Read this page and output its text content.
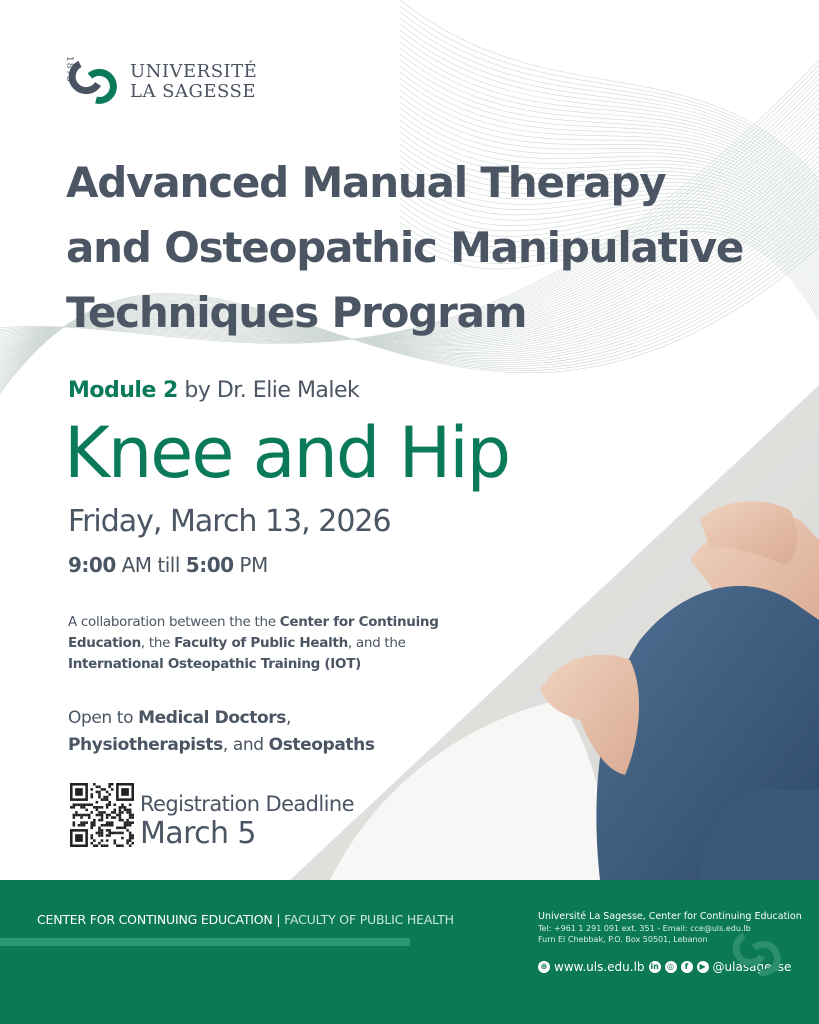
1875	UNIVERSITÉ
LA SAGESSE
Advanced Manual Therapy
and Osteopathic Manipulative
Techniques Program
Module 2 by Dr. Elie Malek
Knee and Hip
Friday, March 13, 2026
9:00 AM till 5:00 PM
A collaboration between the the Center for Continuing Education, the Faculty of Public Health, and the International Osteopathic Training (IOT)
Open to Medical Doctors,
Physiotherapists, and Osteopaths
Registration Deadline
March 5
CENTER FOR CONTINUING EDUCATION | FACULTY OF PUBLIC HEALTH	Université La Sagesse, Center for Continuing Education
Tel: +961 1 291 091 ext. 351 - Email: cce@uls.edu.lb
Furn El Chebbak, P.O. Box 50501, Lebanon
⊕ www.uls.edu.lb in	◎	f	▶ @ulasagesse
